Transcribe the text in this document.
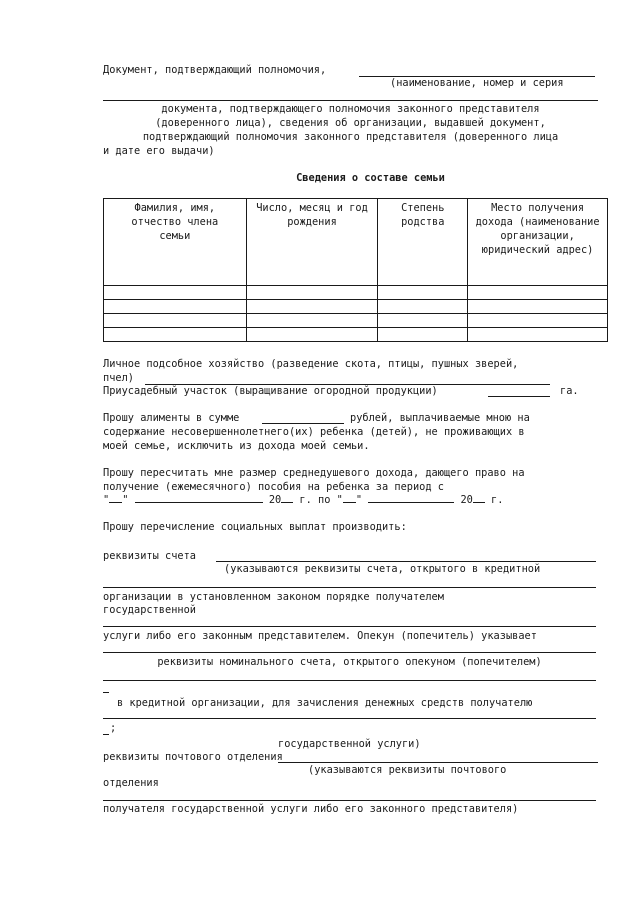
Документ, подтверждающий полномочия,
(наименование, номер и серия
документа, подтверждающего полномочия законного представителя
(доверенного лица), сведения об организации, выдавшей документ,
подтверждающий полномочия законного представителя (доверенного лица
и дате его выдачи)
Сведения о составе семьи
Фамилия, имя, отчество члена семьи	Число, месяц и год рождения	Степень родства	Место получения дохода (наименование организации, юридический адрес)

Личное подсобное хозяйство (разведение скота, птицы, пушных зверей,
пчел)
Приусадебный участок (выращивание огородной продукции)	га.
Прошу алименты в сумме	рублей, выплачиваемые мною на
содержание несовершеннолетнего(их) ребенка (детей), не проживающих в
моей семье, исключить из дохода моей семьи.
Прошу пересчитать мне размер среднедушевого дохода, дающего право на
получение (ежемесячного) пособия на ребенка за период с
" "	20 г. по " "	20 г.
Прошу перечисление социальных выплат производить:
реквизиты счета
(указываются реквизиты счета, открытого в кредитной
организации в установленном законом порядке получателем
государственной
услуги либо его законным представителем. Опекун (попечитель) указывает
реквизиты номинального счета, открытого опекуном (попечителем)
в кредитной организации, для зачисления денежных средств получателю
;
государственной услуги)
реквизиты почтового отделения
(указываются реквизиты почтового
отделения
получателя государственной услуги либо его законного представителя)
